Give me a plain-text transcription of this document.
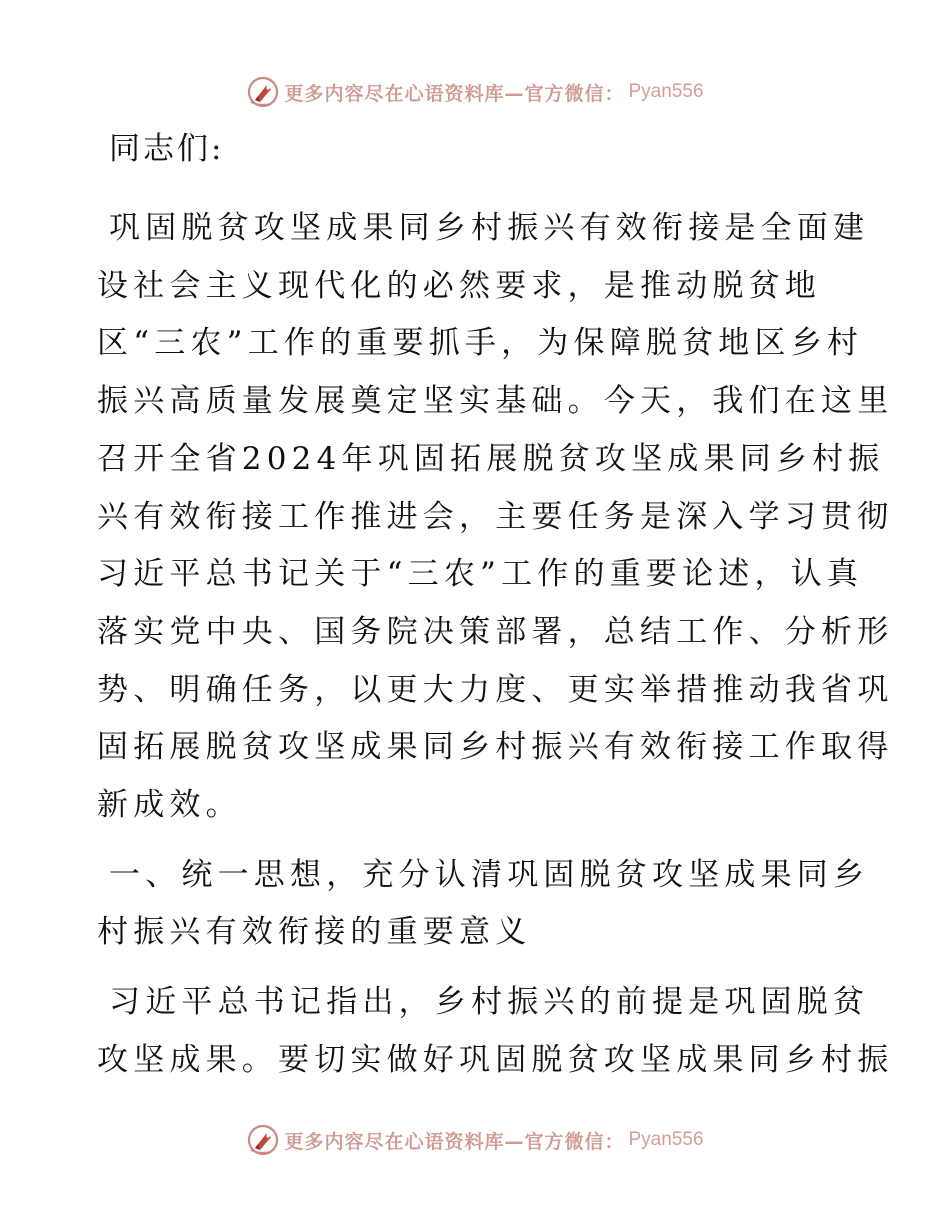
更多内容尽在心语资料库—官方微信： Pyan556
同志们:
巩固脱贫攻坚成果同乡村振兴有效衔接是全面建
设社会主义现代化的必然要求，是推动脱贫地
区“三农”工作的重要抓手，为保障脱贫地区乡村
振兴高质量发展奠定坚实基础。今天，我们在这里
召开全省2024年巩固拓展脱贫攻坚成果同乡村振
兴有效衔接工作推进会，主要任务是深入学习贯彻
习近平总书记关于“三农”工作的重要论述，认真
落实党中央、国务院决策部署，总结工作、分析形
势、明确任务，以更大力度、更实举措推动我省巩
固拓展脱贫攻坚成果同乡村振兴有效衔接工作取得
新成效。
一、统一思想，充分认清巩固脱贫攻坚成果同乡
村振兴有效衔接的重要意义
习近平总书记指出，乡村振兴的前提是巩固脱贫
攻坚成果。要切实做好巩固脱贫攻坚成果同乡村振
更多内容尽在心语资料库—官方微信： Pyan556
